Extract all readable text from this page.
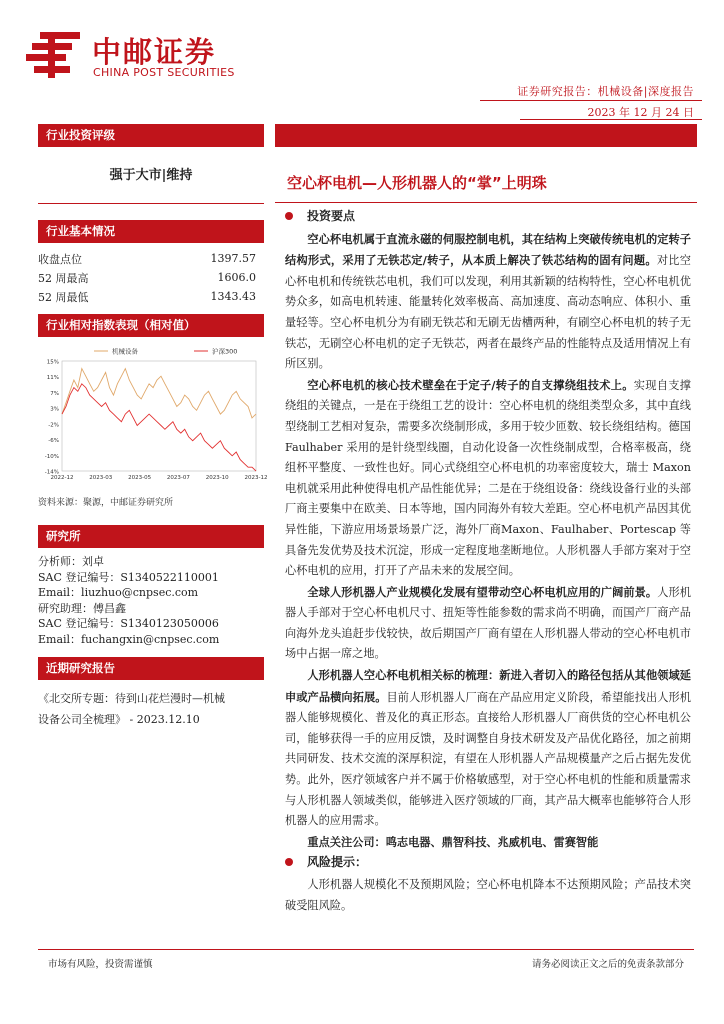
中邮证券
CHINA POST SECURITIES
证券研究报告：机械设备|深度报告
2023 年 12 月 24 日
行业投资评级
强于大市|维持
行业基本情况
收盘点位	1397.57
52 周最高	1606.0
52 周最低	1343.43
行业相对指数表现（相对值）
15%
11%
7%
3%
-2%
-6%
-10%
-14%
2022-12	2023-03	2023-05	2023-07	2023-10	2023-12
机械设备	沪深300
资料来源：聚源，中邮证券研究所
研究所
分析师：刘卓
SAC 登记编号：S1340522110001
Email：liuzhuo@cnpsec.com
研究助理：傅昌鑫
SAC 登记编号：S1340123050006
Email：fuchangxin@cnpsec.com
近期研究报告
《北交所专题：待到山花烂漫时—机械
设备公司全梳理》 - 2023.12.10
空心杯电机—人形机器人的“掌”上明珠
投资要点

空心杯电机属于直流永磁的伺服控制电机，其在结构上突破传统电机的定转子结构形式，采用了无铁芯定/转子，从本质上解决了铁芯结构的固有问题。对比空心杯电机和传统铁芯电机，我们可以发现，利用其新颖的结构特性，空心杯电机优势众多，如高电机转速、能量转化效率极高、高加速度、高动态响应、体积小、重量轻等。空心杯电机分为有刷无铁芯和无刷无齿槽两种，有刷空心杯电机的转子无铁芯，无刷空心杯电机的定子无铁芯，两者在最终产品的性能特点及适用情况上有所区别。

空心杯电机的核心技术壁垒在于定子/转子的自支撑绕组技术上。实现自支撑绕组的关键点，一是在于绕组工艺的设计：空心杯电机的绕组类型众多，其中直线型绕制工艺相对复杂，需要多次绕制形成，多用于较少匝数、较长绕组结构。德国Faulhaber 采用的是针绕型线圈，自动化设备一次性绕制成型，合格率极高，绕组杯平整度、一致性也好。同心式绕组空心杯电机的功率密度较大，瑞士 Maxon 电机就采用此种使得电机产品性能优异；二是在于绕组设备：绕线设备行业的头部厂商主要集中在欧美、日本等地，国内同海外有较大差距。空心杯电机产品因其优异性能，下游应用场景场景广泛，海外厂商Maxon、Faulhaber、Portescap 等具备先发优势及技术沉淀，形成一定程度地垄断地位。人形机器人手部方案对于空心杯电机的应用，打开了产品未来的发展空间。

全球人形机器人产业规模化发展有望带动空心杯电机应用的广阔前景。人形机器人手部对于空心杯电机尺寸、扭矩等性能参数的需求尚不明确，而国产厂商产品向海外龙头追赶步伐较快，故后期国产厂商有望在人形机器人带动的空心杯电机市场中占据一席之地。

人形机器人空心杯电机相关标的梳理：新进入者切入的路径包括从其他领域延申或产品横向拓展。目前人形机器人厂商在产品应用定义阶段，希望能找出人形机器人能够规模化、普及化的真正形态。直接给人形机器人厂商供货的空心杯电机公司，能够获得一手的应用反馈，及时调整自身技术研发及产品优化路径，加之前期共同研发、技术交流的深厚积淀，有望在人形机器人产品规模量产之后占据先发优势。此外，医疗领域客户并不属于价格敏感型，对于空心杯电机的性能和质量需求与人形机器人领域类似，能够进入医疗领域的厂商，其产品大概率也能够符合人形机器人的应用需求。

重点关注公司：鸣志电器、鼎智科技、兆威机电、雷赛智能

风险提示：

人形机器人规模化不及预期风险；空心杯电机降本不达预期风险；产品技术突破受阻风险。

市场有风险，投资需谨慎	请务必阅读正文之后的免责条款部分
